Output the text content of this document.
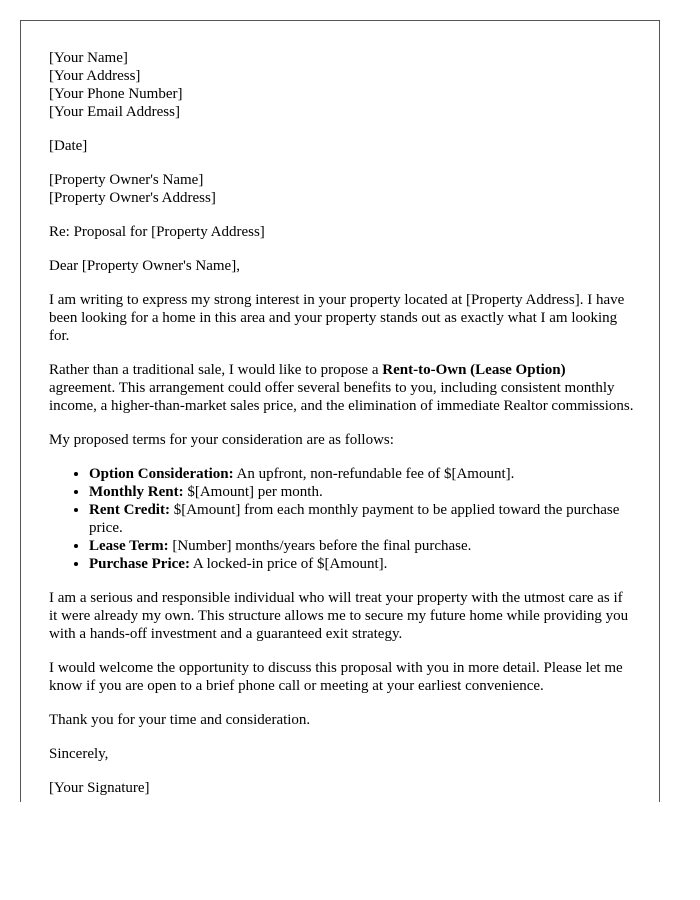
[Your Name]
[Your Address]
[Your Phone Number]
[Your Email Address]
[Date]
[Property Owner's Name]
[Property Owner's Address]

Re: Proposal for [Property Address]

Dear [Property Owner's Name],

I am writing to express my strong interest in your property located at [Property Address]. I have been looking for a home in this area and your property stands out as exactly what I am looking for.

Rather than a traditional sale, I would like to propose a Rent-to-Own (Lease Option) agreement. This arrangement could offer several benefits to you, including consistent monthly income, a higher-than-market sales price, and the elimination of immediate Realtor commissions.

My proposed terms for your consideration are as follows:

• Option Consideration: An upfront, non-refundable fee of $[Amount].
• Monthly Rent: $[Amount] per month.
• Rent Credit: $[Amount] from each monthly payment to be applied toward the purchase price.
• Lease Term: [Number] months/years before the final purchase.
• Purchase Price: A locked-in price of $[Amount].

I am a serious and responsible individual who will treat your property with the utmost care as if it were already my own. This structure allows me to secure my future home while providing you with a hands-off investment and a guaranteed exit strategy.

I would welcome the opportunity to discuss this proposal with you in more detail. Please let me know if you are open to a brief phone call or meeting at your earliest convenience.

Thank you for your time and consideration.

Sincerely,

[Your Signature]
